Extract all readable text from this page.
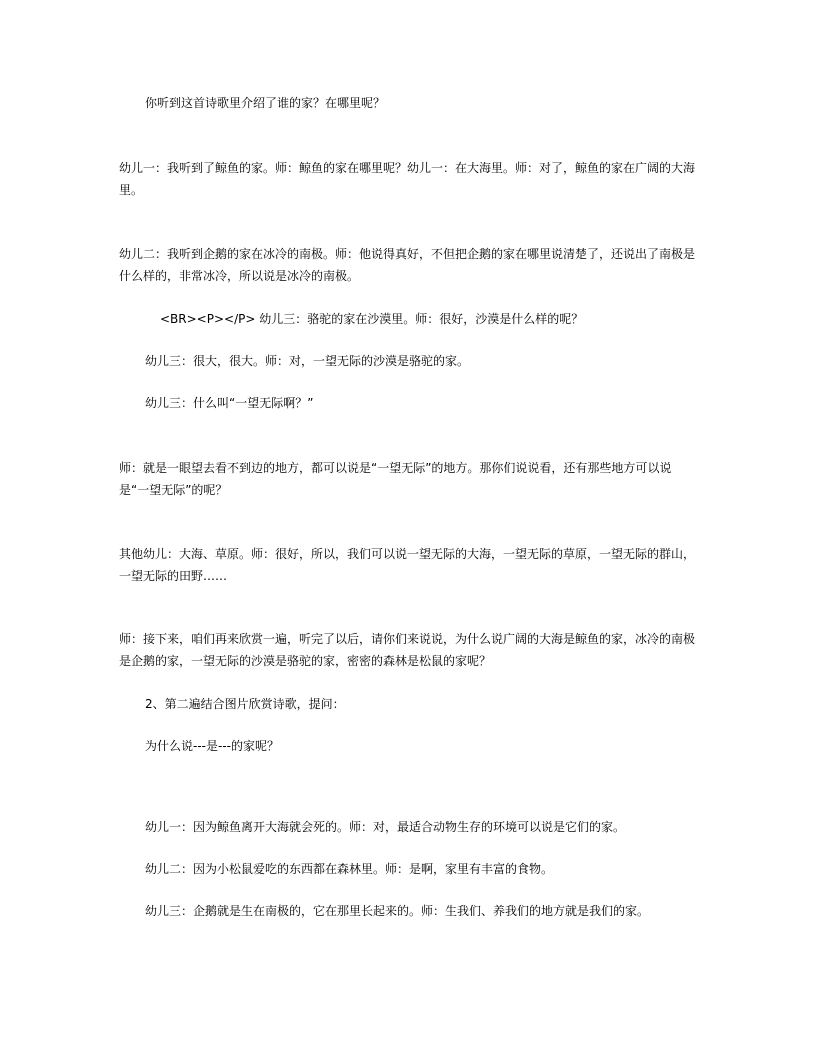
你听到这首诗歌里介绍了谁的家？在哪里呢？

幼儿一：我听到了鲸鱼的家。师：鲸鱼的家在哪里呢？幼儿一：在大海里。师：对了，鲸鱼的家在广阔的大海里。

幼儿二：我听到企鹅的家在冰冷的南极。师：他说得真好，不但把企鹅的家在哪里说清楚了，还说出了南极是什么样的，非常冰冷，所以说是冰冷的南极。

<BR><P></P> 幼儿三：骆驼的家在沙漠里。师：很好，沙漠是什么样的呢？

幼儿三：很大，很大。师：对，一望无际的沙漠是骆驼的家。

幼儿三：什么叫“一望无际啊？”

师：就是一眼望去看不到边的地方，都可以说是“一望无际”的地方。那你们说说看，还有那些地方可以说是“一望无际”的呢？

其他幼儿：大海、草原。师：很好，所以，我们可以说一望无际的大海，一望无际的草原，一望无际的群山，一望无际的田野……

师：接下来，咱们再来欣赏一遍，听完了以后，请你们来说说，为什么说广阔的大海是鲸鱼的家，冰冷的南极是企鹅的家，一望无际的沙漠是骆驼的家，密密的森林是松鼠的家呢？

2、第二遍结合图片欣赏诗歌，提问：

为什么说---是---的家呢？

幼儿一：因为鲸鱼离开大海就会死的。师：对，最适合动物生存的环境可以说是它们的家。

幼儿二：因为小松鼠爱吃的东西都在森林里。师：是啊，家里有丰富的食物。

幼儿三：企鹅就是生在南极的，它在那里长起来的。师：生我们、养我们的地方就是我们的家。
